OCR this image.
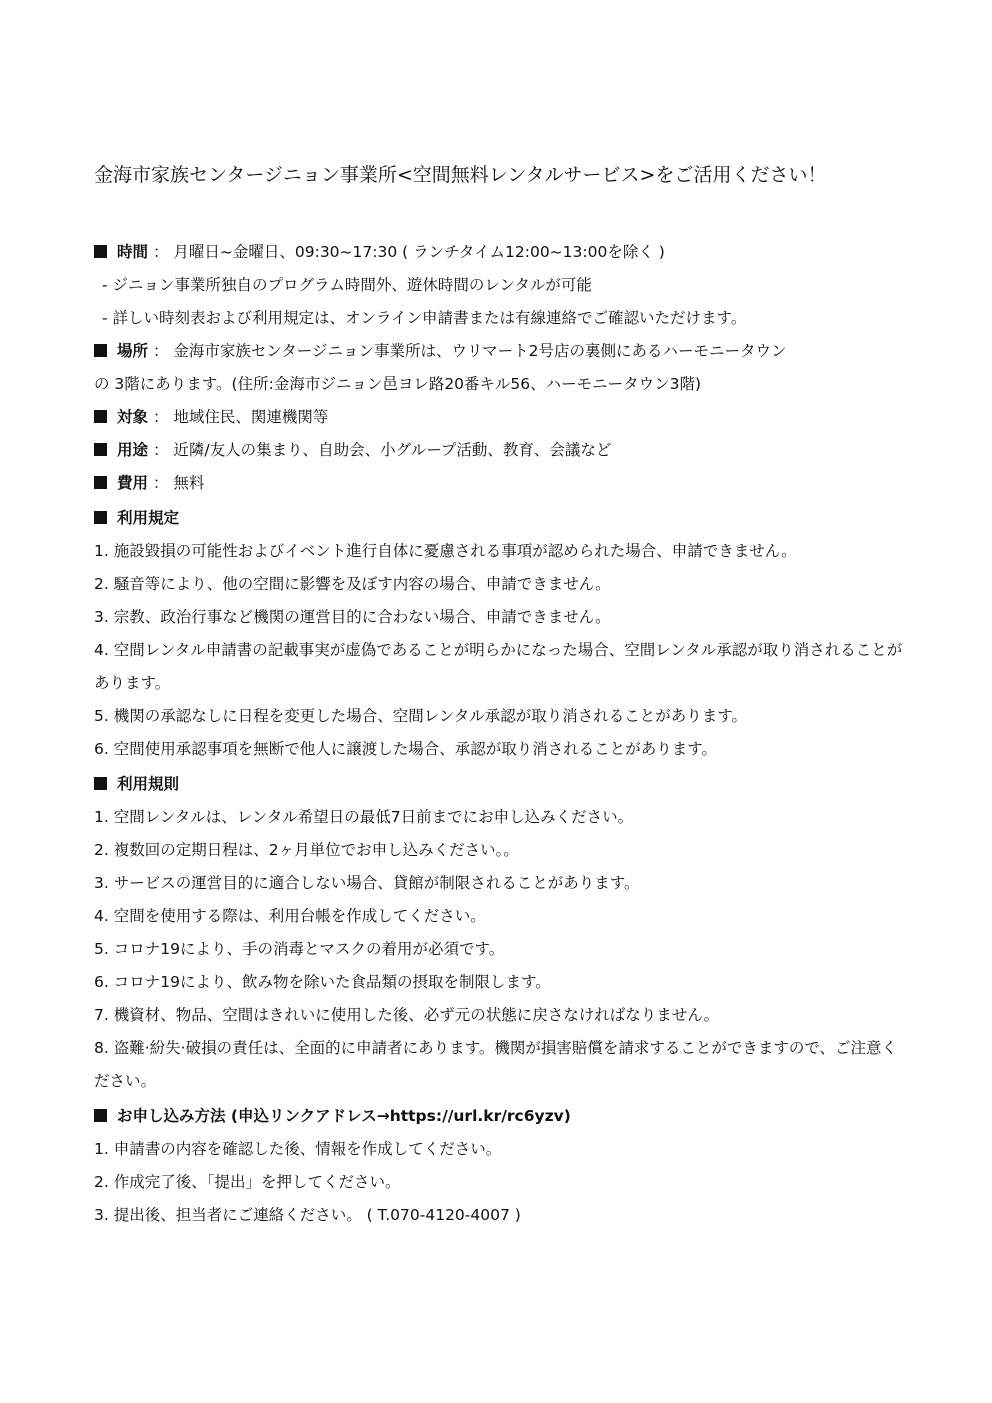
金海市家族センタージニョン事業所<空間無料レンタルサービス>をご活用ください！
時間 ： 月曜日~金曜日、09:30~17:30 ( ランチタイム12:00~13:00を除く )
- ジニョン事業所独自のプログラム時間外、遊休時間のレンタルが可能
- 詳しい時刻表および利用規定は、オンライン申請書または有線連絡でご確認いただけます。
場所 ： 金海市家族センタージニョン事業所は、ウリマート2号店の裏側にあるハーモニータウン
の 3階にあります。(住所:金海市ジニョン邑ヨレ路20番キル56、ハーモニータウン3階)
対象 ： 地域住民、関連機関等
用途 ： 近隣/友人の集まり、自助会、小グループ活動、教育、会議など
費用 ： 無料
利用規定
1. 施設毀損の可能性およびイベント進行自体に憂慮される事項が認められた場合、申請できません。
2. 騒音等により、他の空間に影響を及ぼす内容の場合、申請できません。
3. 宗教、政治行事など機関の運営目的に合わない場合、申請できません。
4. 空間レンタル申請書の記載事実が虚偽であることが明らかになった場合、空間レンタル承認が取り消されることがあります。
5. 機関の承認なしに日程を変更した場合、空間レンタル承認が取り消されることがあります。
6. 空間使用承認事項を無断で他人に譲渡した場合、承認が取り消されることがあります。
利用規則
1. 空間レンタルは、レンタル希望日の最低7日前までにお申し込みください。
2. 複数回の定期日程は、2ヶ月単位でお申し込みください。。
3. サービスの運営目的に適合しない場合、貸館が制限されることがあります。
4. 空間を使用する際は、利用台帳を作成してください。
5. コロナ19により、手の消毒とマスクの着用が必須です。
6. コロナ19により、飲み物を除いた食品類の摂取を制限します。
7. 機資材、物品、空間はきれいに使用した後、必ず元の状態に戻さなければなりません。
8. 盗難·紛失·破損の責任は、全面的に申請者にあります。機関が損害賠償を請求することができますので、ご注意ください。
お申し込み方法 (申込リンクアドレス→https://url.kr/rc6yzv)
1. 申請書の内容を確認した後、情報を作成してください。
2. 作成完了後、「提出」を押してください。
3. 提出後、担当者にご連絡ください。 ( T.070-4120-4007 )
